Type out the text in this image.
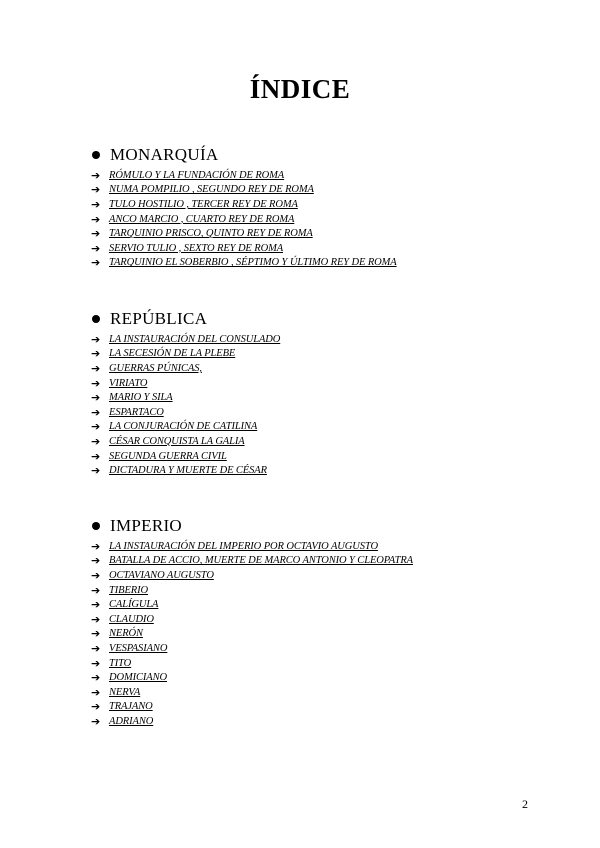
ÍNDICE
MONARQUÍA
➔ RÓMULO Y LA FUNDACIÓN DE ROMA
➔ NUMA POMPILIO , SEGUNDO REY DE ROMA
➔ TULO HOSTILIO , TERCER REY DE ROMA
➔ ANCO MARCIO , CUARTO REY DE ROMA
➔ TARQUINIO PRISCO, QUINTO REY DE ROMA
➔ SERVIO TULIO , SEXTO REY DE ROMA
➔ TARQUINIO EL SOBERBIO , SÉPTIMO Y ÚLTIMO REY DE ROMA
REPÚBLICA
➔ LA INSTAURACIÓN DEL CONSULADO
➔ LA SECESIÓN DE LA PLEBE
➔ GUERRAS PÚNICAS,
➔ VIRIATO
➔ MARIO Y SILA
➔ ESPARTACO
➔ LA CONJURACIÓN DE CATILINA
➔ CÉSAR CONQUISTA LA GALIA
➔ SEGUNDA GUERRA CIVIL
➔ DICTADURA Y MUERTE DE CÉSAR
IMPERIO
➔ LA INSTAURACIÓN DEL IMPERIO POR OCTAVIO AUGUSTO
➔ BATALLA DE ACCIO, MUERTE DE MARCO ANTONIO Y CLEOPATRA
➔ OCTAVIANO AUGUSTO
➔ TIBERIO
➔ CALÍGULA
➔ CLAUDIO
➔ NERÓN
➔ VESPASIANO
➔ TITO
➔ DOMICIANO
➔ NERVA
➔ TRAJANO
➔ ADRIANO
2
